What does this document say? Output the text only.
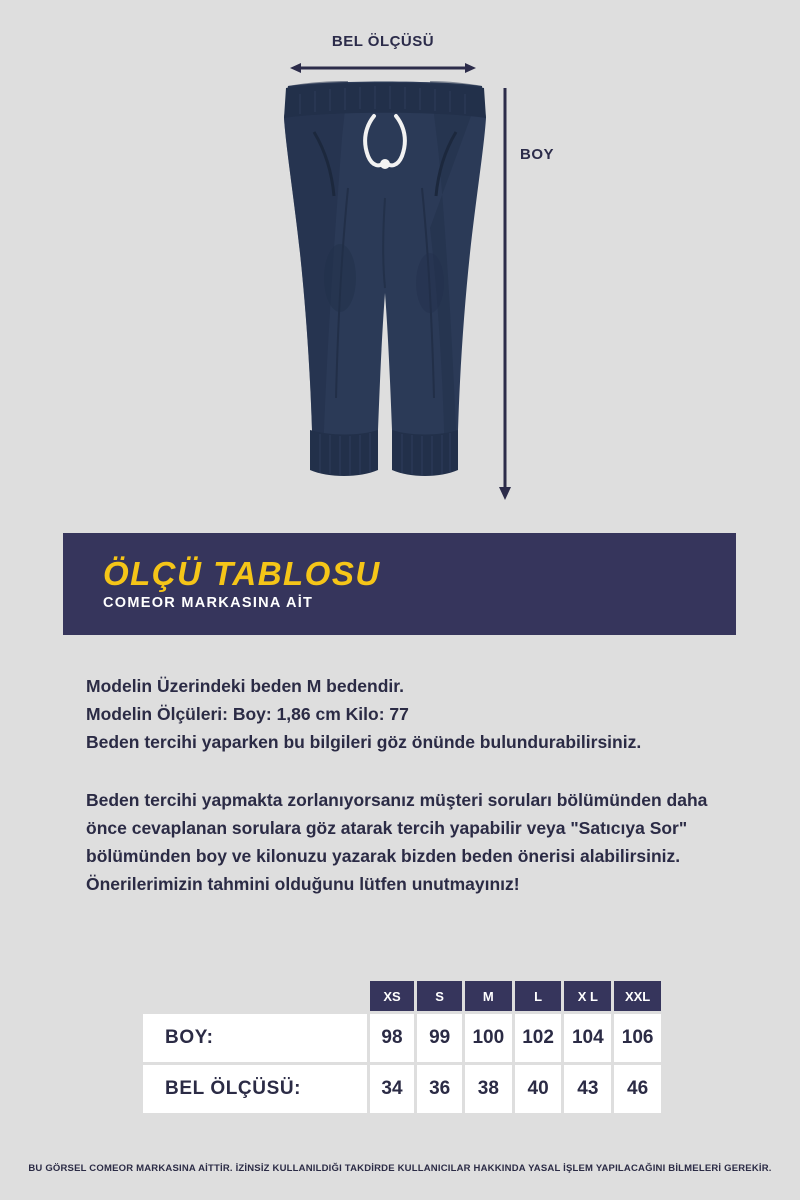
BEL ÖLÇÜSÜ
BOY
ÖLÇÜ TABLOSU
COMEOR MARKASINA AİT

Modelin Üzerindeki beden M bedendir.

Modelin Ölçüleri: Boy: 1,86 cm Kilo: 77

Beden tercihi yaparken bu bilgileri göz önünde bulundurabilirsiniz.

Beden tercihi yapmakta zorlanıyorsanız müşteri soruları bölümünden daha önce cevaplanan sorulara göz atarak tercih yapabilir veya "Satıcıya Sor" bölümünden boy ve kilonuzu yazarak bizden beden önerisi alabilirsiniz. Önerilerimizin tahmini olduğunu lütfen unutmayınız!

	XS	S	M	L	X L	XXL
BOY:	98	99	100	102	104	106
BEL ÖLÇÜSÜ:	34	36	38	40	43	46
BU GÖRSEL COMEOR MARKASINA AİTTİR. İZİNSİZ KULLANILDIĞI TAKDİRDE KULLANICILAR HAKKINDA YASAL İŞLEM YAPILACAĞINI BİLMELERİ GEREKİR.
